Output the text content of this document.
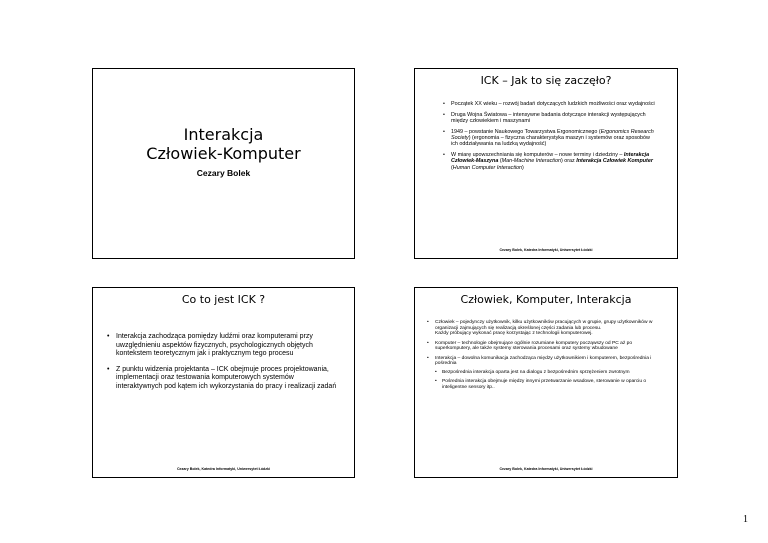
Interakcja
Człowiek-Komputer
Cezary Bolek
ICK – Jak to się zaczęło?
• Początek XX wieku – rozwój badań dotyczących ludzkich możliwości oraz wydajności
• Druga Wojna Światowa – intensywne badania dotyczące interakcji występujących między człowiekiem i maszynami
• 1949 – powstanie Naukowego Towarzystwa Ergonomicznego (Ergonomics Research Society) (ergonomia – fizyczna charakterystyka maszyn i systemów oraz sposobów ich oddziaływania na ludzką wydajność)
• W miarę upowszechniania się komputerów – nowe terminy i dziedziny – Interakcja Człowiek-Maszyna (Man-Machine Interaction) oraz Interakcja Człowiek Komputer (Human Computer Interaction)
Cezary Bolek, Katedra Informatyki, Uniwersytet Łódzki
Co to jest ICK ?
• Interakcja zachodząca pomiędzy ludźmi oraz komputerami przy uwzględnieniu aspektów fizycznych, psychologicznych objętych kontekstem teoretycznym jak i praktycznym tego procesu
• Z punktu widzenia projektanta – ICK obejmuje proces projektowania, implementacji oraz testowania komputerowych systemów interaktywnych pod kątem ich wykorzystania do pracy i realizacji zadań
Cezary Bolek, Katedra Informatyki, Uniwersytet Łódzki
Człowiek, Komputer, Interakcja
• Człowiek – pojedynczy użytkownik, kilku użytkowników pracujących w grupie, grupy użytkowników w organizacji zajmujących się realizacją określonej części zadania lub procesu.
Każdy próbujący wykonać pracę korzystając z technologii komputerowej.
• Komputer – technologie obejmujące ogólnie rozumiane komputery począwszy od PC aż po superkomputery, ale także systemy sterowania procesami oraz systemy wbudowane
• Interakcja – dowolna komunikacja zachodząca między użytkownikiem i komputerem, bezpośrednia i pośrednia
• Bezpośrednia interakcja oparta jest na dialogu z bezpośrednim sprzężeniem zwrotnym
• Pośrednia interakcja obejmuje między innymi przetwarzanie wsadowe, sterowanie w oparciu o inteligentne sensory itp..
Cezary Bolek, Katedra Informatyki, Uniwersytet Łódzki
1
